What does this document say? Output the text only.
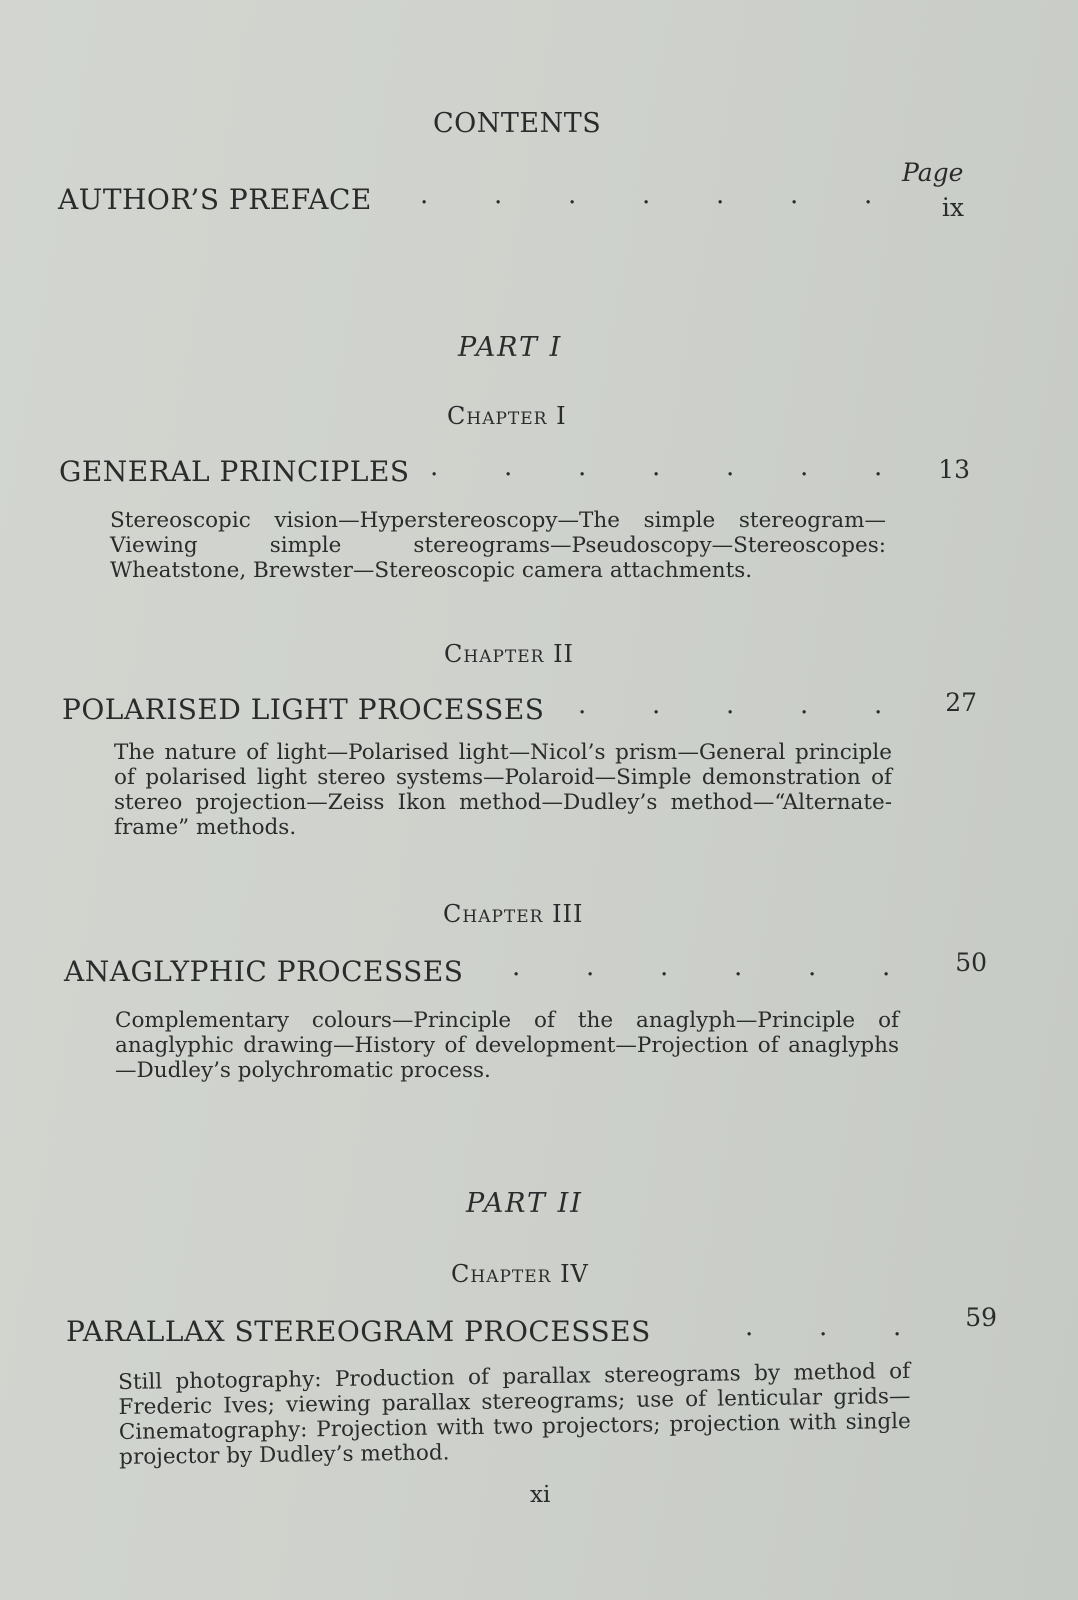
CONTENTS
Page
AUTHOR’S PREFACE .	.	.	.	.	.	.	ix
PART I
Chapter I
GENERAL PRINCIPLES .	.	.	.	.	.	.	13
Stereoscopic vision—Hyperstereoscopy—The simple stereogram—Viewing simple stereograms—Pseudoscopy—Stereoscopes: Wheatstone, Brewster—Stereoscopic camera attachments.
Chapter II
POLARISED LIGHT PROCESSES .	.	.	.	.	27
The nature of light—Polarised light—Nicol’s prism—General principle of polarised light stereo systems—Polaroid—Simple demonstration of stereo projection—Zeiss Ikon method—Dudley’s method—“Alternate-frame” methods.
Chapter III
ANAGLYPHIC PROCESSES .	.	.	.	.	.	50
Complementary colours—Principle of the anaglyph—Principle of anaglyphic drawing—History of development—Projection of anaglyphs—Dudley’s polychromatic process.
PART II
Chapter IV
PARALLAX STEREOGRAM PROCESSES	.	.	.	59
Still photography: Production of parallax stereograms by method of Frederic Ives; viewing parallax stereograms; use of lenticular grids—Cinematography: Projection with two projectors; projection with single projector by Dudley’s method.
xi
